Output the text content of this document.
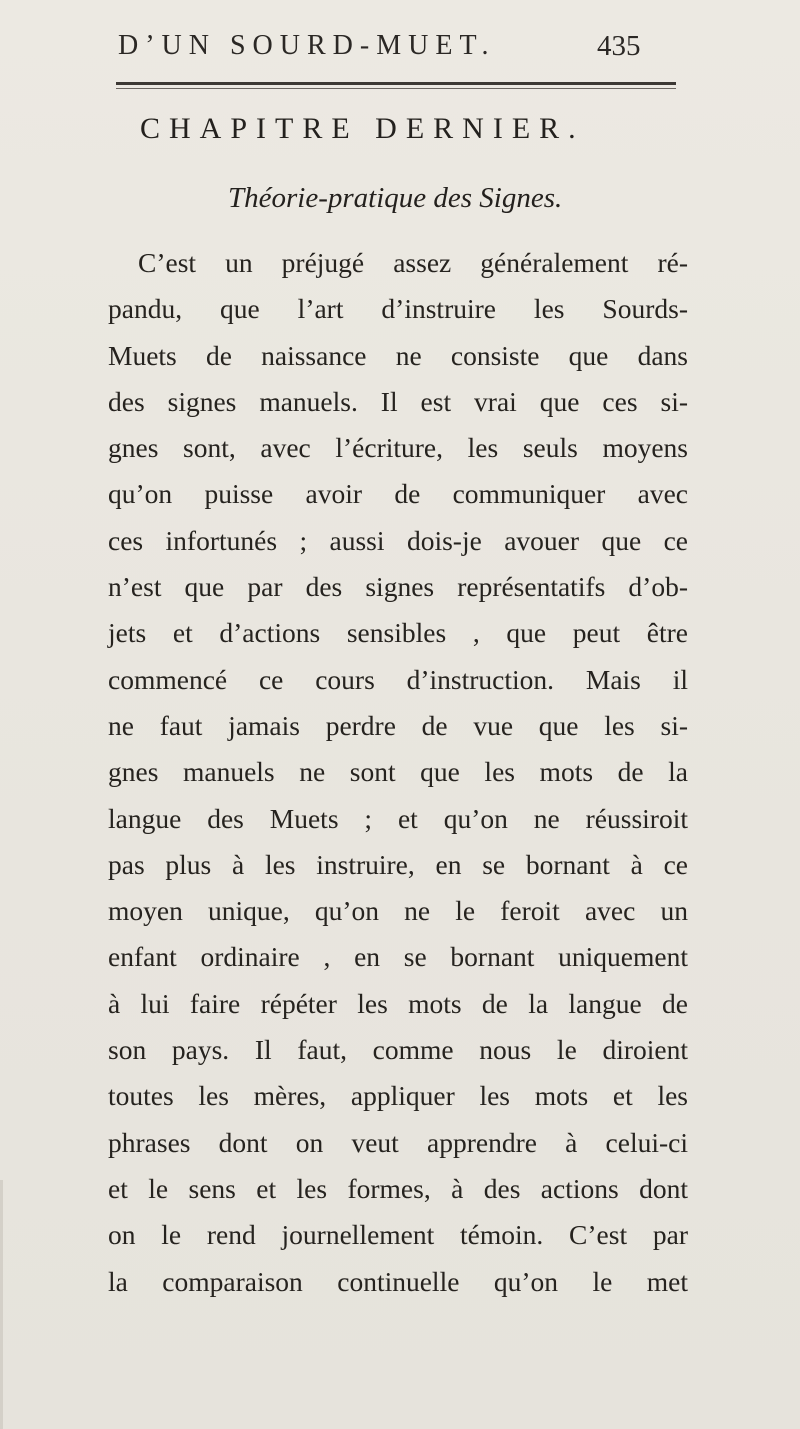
D’UN SOURD-MUET.	435
CHAPITRE DERNIER.
Théorie-pratique des Signes.
C’est un préjugé assez généralement ré-
pandu, que l’art d’instruire les Sourds-
Muets de naissance ne consiste que dans
des signes manuels. Il est vrai que ces si-
gnes sont, avec l’écriture, les seuls moyens
qu’on puisse avoir de communiquer avec
ces infortunés ; aussi dois-je avouer que ce
n’est que par des signes représentatifs d’ob-
jets et d’actions sensibles , que peut être
commencé ce cours d’instruction. Mais il
ne faut jamais perdre de vue que les si-
gnes manuels ne sont que les mots de la
langue des Muets ; et qu’on ne réussiroit
pas plus à les instruire, en se bornant à ce
moyen unique, qu’on ne le feroit avec un
enfant ordinaire , en se bornant uniquement
à lui faire répéter les mots de la langue de
son pays. Il faut, comme nous le diroient
toutes les mères, appliquer les mots et les
phrases dont on veut apprendre à celui-ci
et le sens et les formes, à des actions dont
on le rend journellement témoin. C’est par
la comparaison continuelle qu’on le met
